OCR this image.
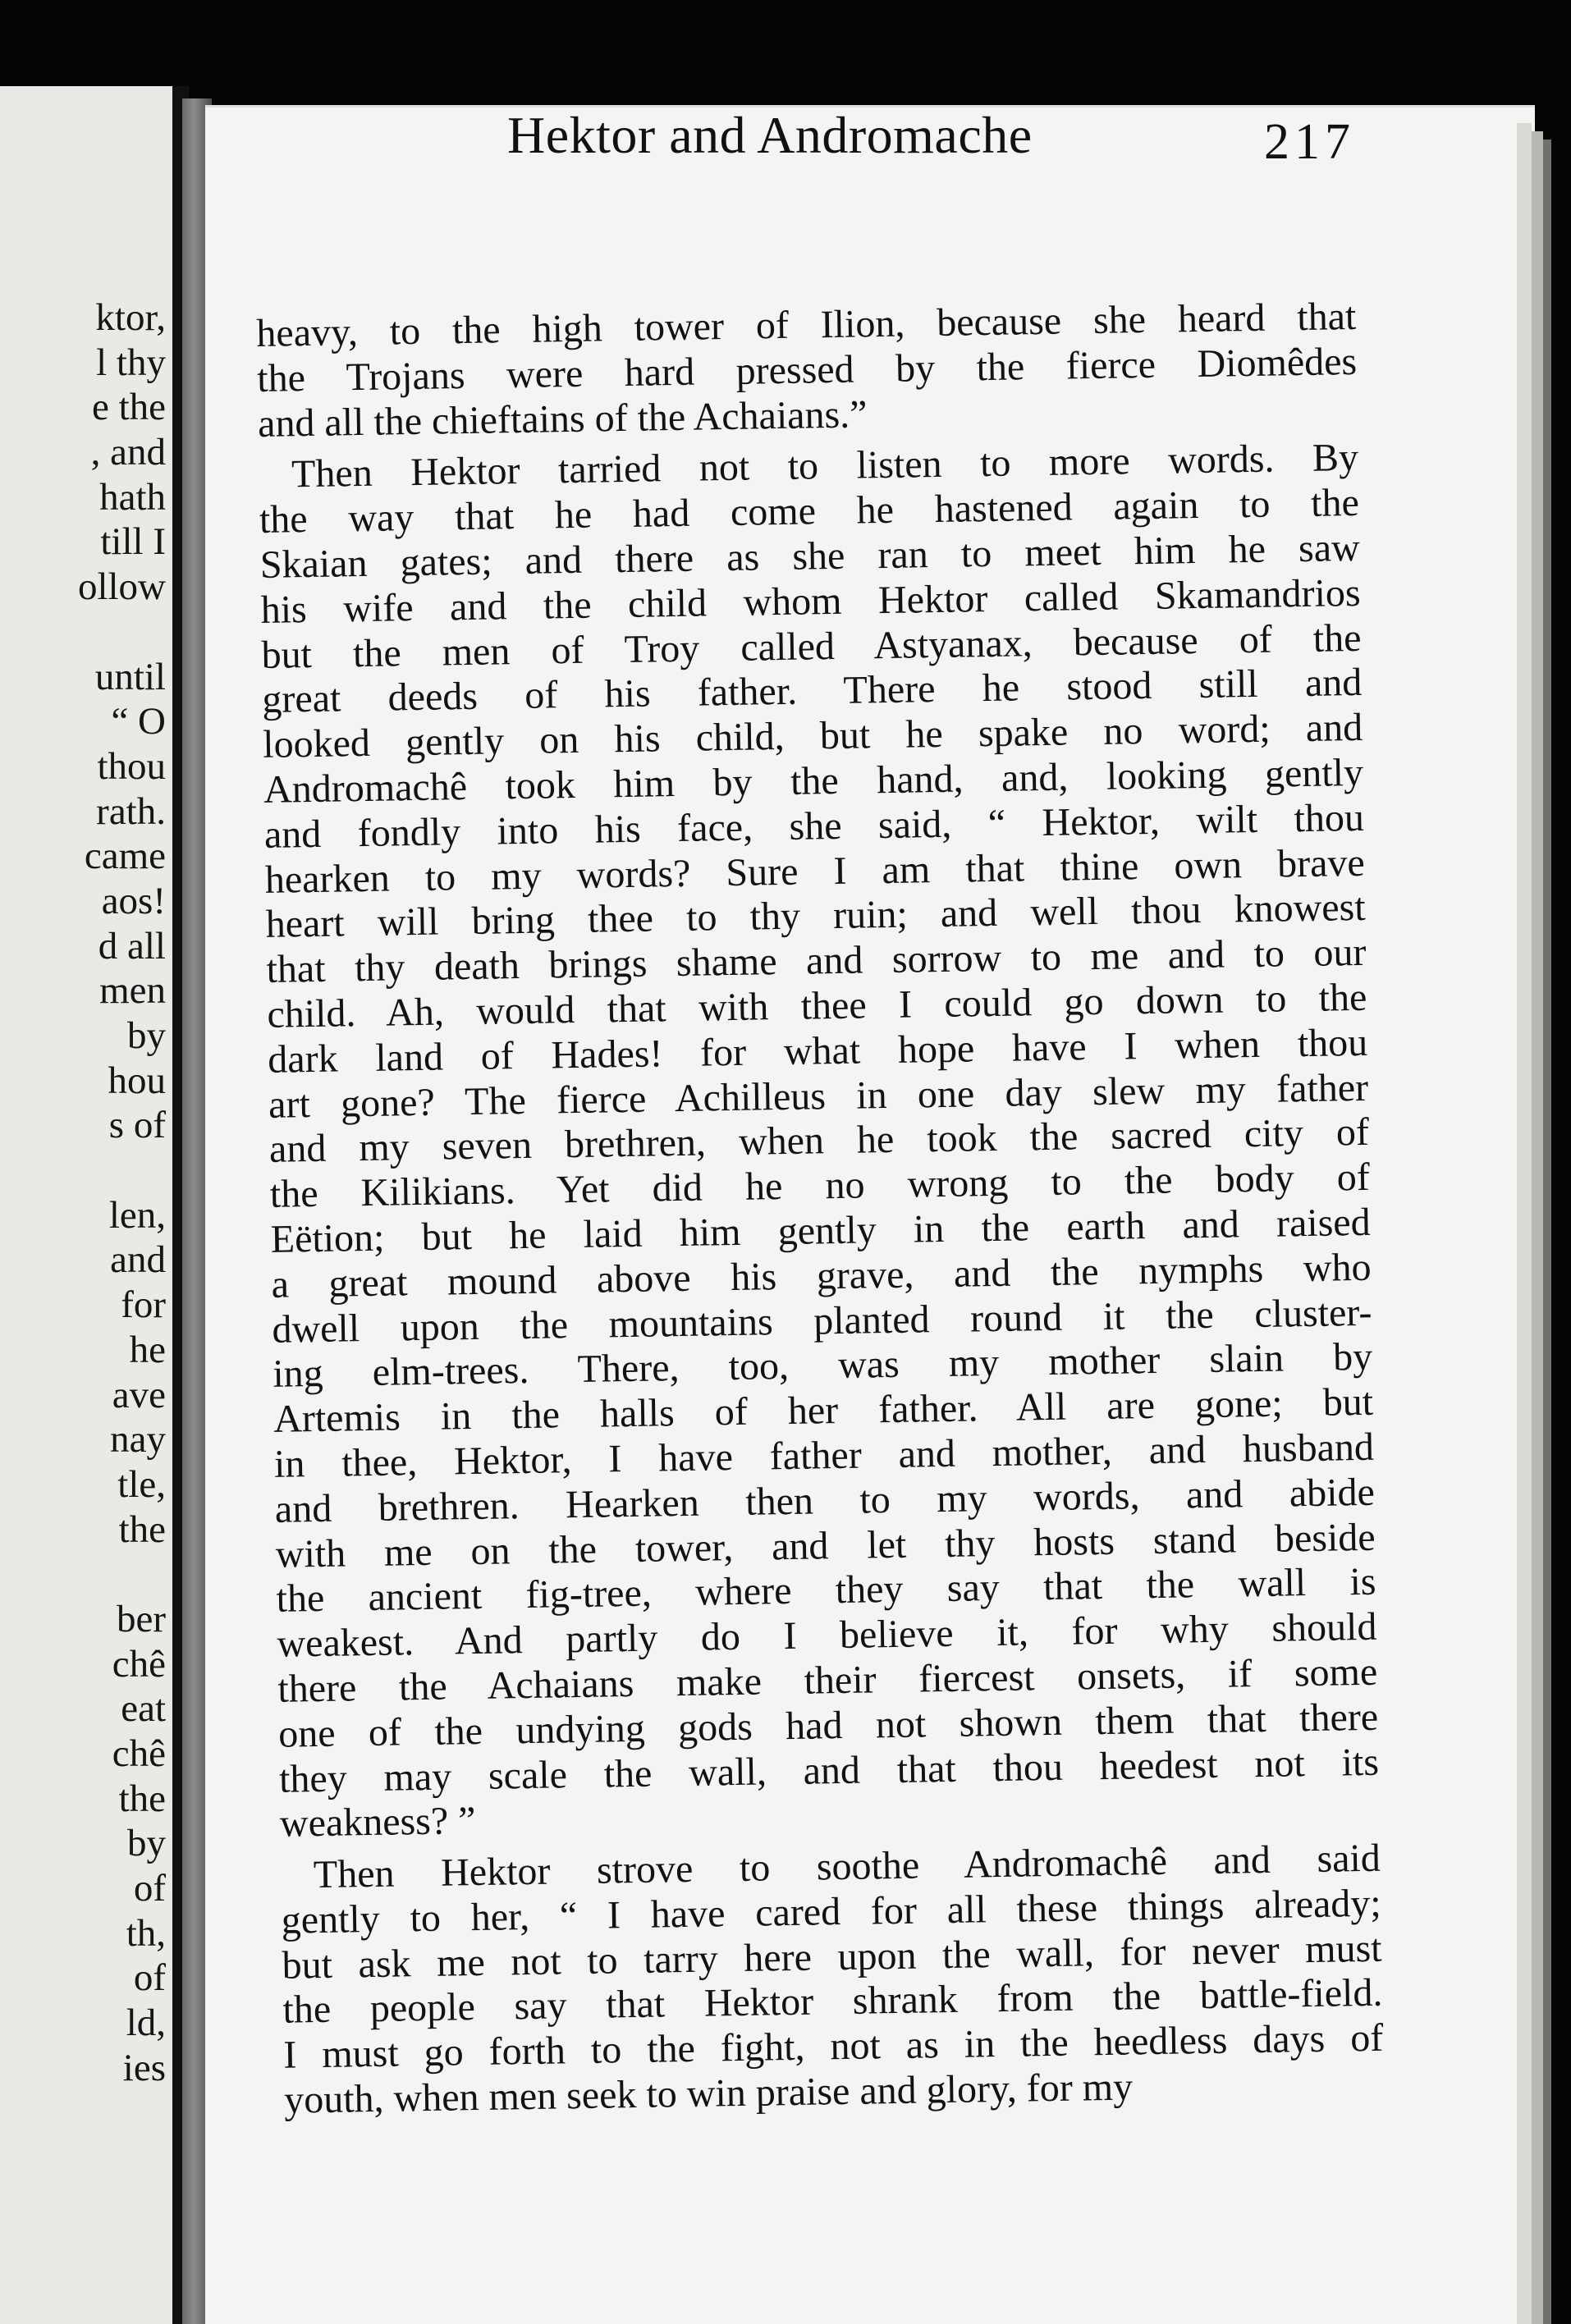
ktor,
l thy
e the
, and
hath
till I
ollow

until
“ O
thou
rath.
came
aos!
d all
men
by
hou
s of

len,
and
for
he
ave
nay
tle,
the

ber
chê
eat
chê
the
by
of
th,
of
ld,
ies
Hektor and Andromache	217
heavy, to the high tower of Ilion, because she heard that
the Trojans were hard pressed by the fierce Diomêdes
and all the chieftains of the Achaians.”
Then Hektor tarried not to listen to more words. By
the way that he had come he hastened again to the
Skaian gates; and there as she ran to meet him he saw
his wife and the child whom Hektor called Skamandrios
but the men of Troy called Astyanax, because of the
great deeds of his father. There he stood still and
looked gently on his child, but he spake no word; and
Andromachê took him by the hand, and, looking gently
and fondly into his face, she said, “ Hektor, wilt thou
hearken to my words? Sure I am that thine own brave
heart will bring thee to thy ruin; and well thou knowest
that thy death brings shame and sorrow to me and to our
child. Ah, would that with thee I could go down to the
dark land of Hades! for what hope have I when thou
art gone? The fierce Achilleus in one day slew my father
and my seven brethren, when he took the sacred city of
the Kilikians. Yet did he no wrong to the body of
Eëtion; but he laid him gently in the earth and raised
a great mound above his grave, and the nymphs who
dwell upon the mountains planted round it the cluster-
ing elm-trees. There, too, was my mother slain by
Artemis in the halls of her father. All are gone; but
in thee, Hektor, I have father and mother, and husband
and brethren. Hearken then to my words, and abide
with me on the tower, and let thy hosts stand beside
the ancient fig-tree, where they say that the wall is
weakest. And partly do I believe it, for why should
there the Achaians make their fiercest onsets, if some
one of the undying gods had not shown them that there
they may scale the wall, and that thou heedest not its
weakness? ”
Then Hektor strove to soothe Andromachê and said
gently to her, “ I have cared for all these things already;
but ask me not to tarry here upon the wall, for never must
the people say that Hektor shrank from the battle-field.
I must go forth to the fight, not as in the heedless days of
youth, when men seek to win praise and glory, for my
